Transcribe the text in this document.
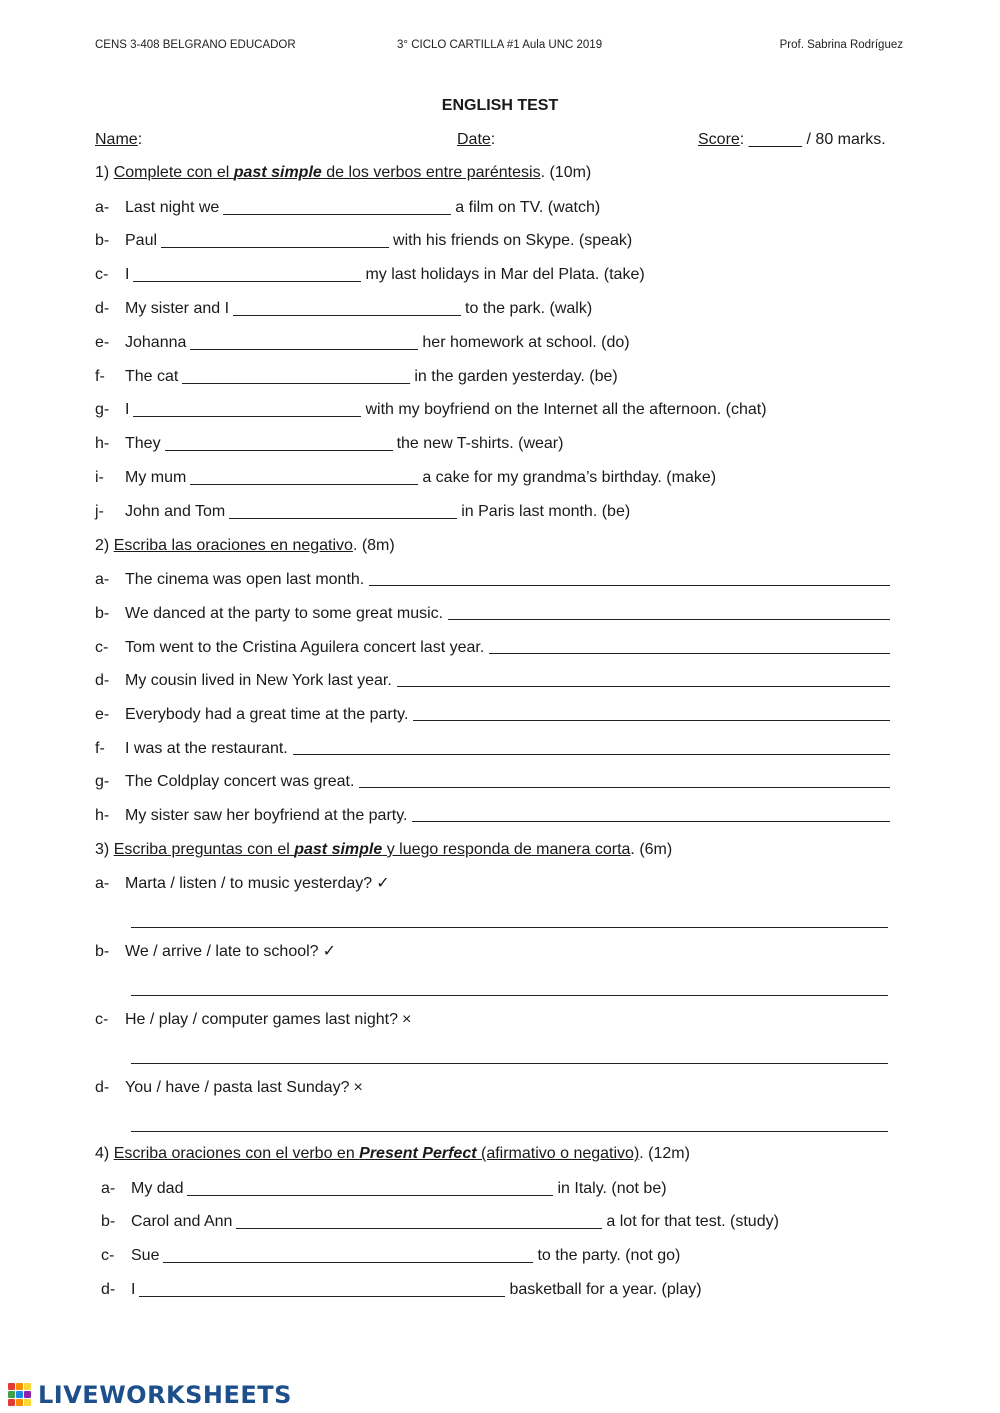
CENS 3-408 BELGRANO EDUCADOR	3° CICLO CARTILLA #1 Aula UNC 2019	Prof. Sabrina Rodríguez
ENGLISH TEST
Name:	Date:	Score: ______ / 80 marks.
1) Complete con el past simple de los verbos entre paréntesis. (10m)
a- Last night we	a film on TV. (watch)
b- Paul	with his friends on Skype. (speak)
c- I	my last holidays in Mar del Plata. (take)
d- My sister and I	to the park. (walk)
e- Johanna	her homework at school. (do)
f- The cat	in the garden yesterday. (be)
g- I	with my boyfriend on the Internet all the afternoon. (chat)
h- They	the new T-shirts. (wear)
i- My mum	a cake for my grandma’s birthday. (make)
j- John and Tom	in Paris last month. (be)
2) Escriba las oraciones en negativo. (8m)
a- The cinema was open last month.
b- We danced at the party to some great music.
c- Tom went to the Cristina Aguilera concert last year.
d- My cousin lived in New York last year.
e- Everybody had a great time at the party.
f- I was at the restaurant.
g- The Coldplay concert was great.
h- My sister saw her boyfriend at the party.
3) Escriba preguntas con el past simple y luego responda de manera corta. (6m)
a- Marta / listen / to music yesterday? ✓
b- We / arrive / late to school? ✓
c- He / play / computer games last night? ×
d- You / have / pasta last Sunday? ×
4) Escriba oraciones con el verbo en Present Perfect (afirmativo o negativo). (12m)
a- My dad	in Italy. (not be)
b- Carol and Ann	a lot for that test. (study)
c- Sue	to the party. (not go)
d- I	basketball for a year. (play)
LIVEWORKSHEETS
